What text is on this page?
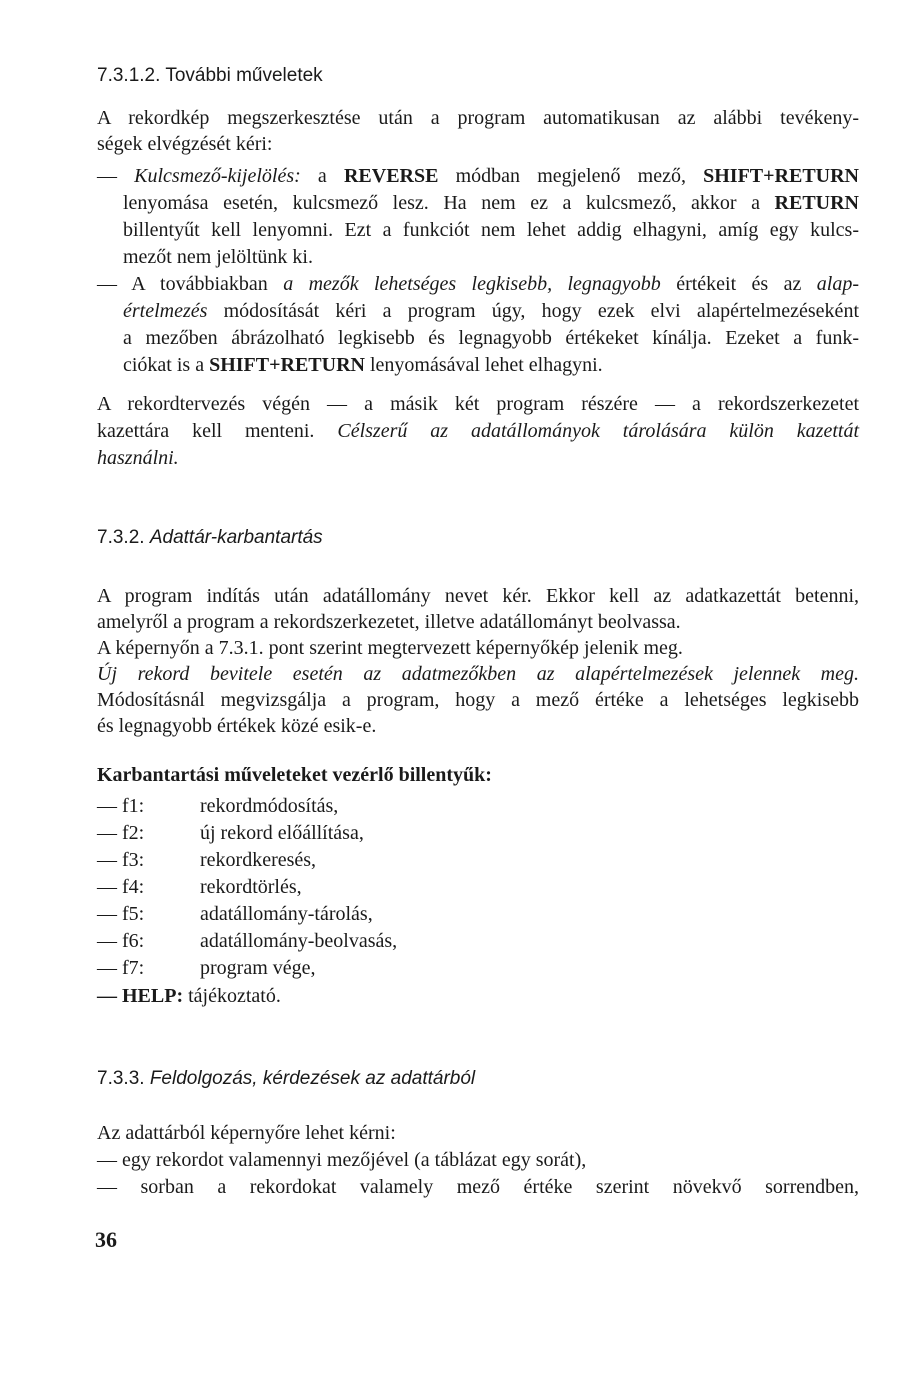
7.3.1.2. További műveletek
A rekordkép megszerkesztése után a program automatikusan az alábbi tevékeny-
ségek elvégzését kéri:
— Kulcsmező-kijelölés: a REVERSE módban megjelenő mező, SHIFT+RETURN
lenyomása esetén, kulcsmező lesz. Ha nem ez a kulcsmező, akkor a RETURN
billentyűt kell lenyomni. Ezt a funkciót nem lehet addig elhagyni, amíg egy kulcs-
mezőt nem jelöltünk ki.
— A továbbiakban a mezők lehetséges legkisebb, legnagyobb értékeit és az alap-
értelmezés módosítását kéri a program úgy, hogy ezek elvi alapértelmezéseként
a mezőben ábrázolható legkisebb és legnagyobb értékeket kínálja. Ezeket a funk-
ciókat is a SHIFT+RETURN lenyomásával lehet elhagyni.
A rekordtervezés végén — a másik két program részére — a rekordszerkezetet
kazettára kell menteni. Célszerű az adatállományok tárolására külön kazettát
használni.
7.3.2. Adattár-karbantartás
A program indítás után adatállomány nevet kér. Ekkor kell az adatkazettát betenni,
amelyről a program a rekordszerkezetet, illetve adatállományt beolvassa.
A képernyőn a 7.3.1. pont szerint megtervezett képernyőkép jelenik meg.
Új rekord bevitele esetén az adatmezőkben az alapértelmezések jelennek meg.
Módosításnál megvizsgálja a program, hogy a mező értéke a lehetséges legkisebb
és legnagyobb értékek közé esik-e.
Karbantartási műveleteket vezérlő billentyűk:
— f1:	rekordmódosítás,
— f2:	új rekord előállítása,
— f3:	rekordkeresés,
— f4:	rekordtörlés,
— f5:	adatállomány-tárolás,
— f6:	adatállomány-beolvasás,
— f7:	program vége,
— HELP: tájékoztató.
7.3.3. Feldolgozás, kérdezések az adattárból
Az adattárból képernyőre lehet kérni:
— egy rekordot valamennyi mezőjével (a táblázat egy sorát),
— sorban a rekordokat valamely mező értéke szerint növekvő sorrendben,
36
